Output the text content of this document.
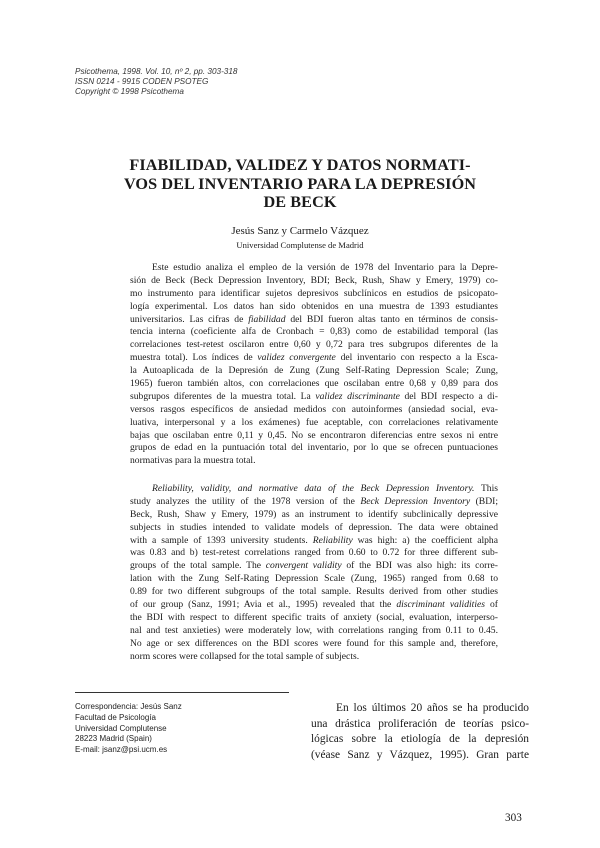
Psicothema, 1998. Vol. 10, nº 2, pp. 303-318
ISSN 0214 - 9915 CODEN PSOTEG
Copyright © 1998 Psicothema
FIABILIDAD, VALIDEZ Y DATOS NORMATI-
VOS DEL INVENTARIO PARA LA DEPRESIÓN
DE BECK
Jesús Sanz y Carmelo Vázquez
Universidad Complutense de Madrid
Este estudio analiza el empleo de la versión de 1978 del Inventario para la Depre-
sión de Beck (Beck Depression Inventory, BDI; Beck, Rush, Shaw y Emery, 1979) co-
mo instrumento para identificar sujetos depresivos subclínicos en estudios de psicopato-
logía experimental. Los datos han sido obtenidos en una muestra de 1393 estudiantes
universitarios. Las cifras de fiabilidad del BDI fueron altas tanto en términos de consis-
tencia interna (coeficiente alfa de Cronbach = 0,83) como de estabilidad temporal (las
correlaciones test-retest oscilaron entre 0,60 y 0,72 para tres subgrupos diferentes de la
muestra total). Los índices de validez convergente del inventario con respecto a la Esca-
la Autoaplicada de la Depresión de Zung (Zung Self-Rating Depression Scale; Zung,
1965) fueron también altos, con correlaciones que oscilaban entre 0,68 y 0,89 para dos
subgrupos diferentes de la muestra total. La validez discriminante del BDI respecto a di-
versos rasgos específicos de ansiedad medidos con autoinformes (ansiedad social, eva-
luativa, interpersonal y a los exámenes) fue aceptable, con correlaciones relativamente
bajas que oscilaban entre 0,11 y 0,45. No se encontraron diferencias entre sexos ni entre
grupos de edad en la puntuación total del inventario, por lo que se ofrecen puntuaciones
normativas para la muestra total.
Reliability, validity, and normative data of the Beck Depression Inventory. This
study analyzes the utility of the 1978 version of the Beck Depression Inventory (BDI;
Beck, Rush, Shaw y Emery, 1979) as an instrument to identify subclinically depressive
subjects in studies intended to validate models of depression. The data were obtained
with a sample of 1393 university students. Reliability was high: a) the coefficient alpha
was 0.83 and b) test-retest correlations ranged from 0.60 to 0.72 for three different sub-
groups of the total sample. The convergent validity of the BDI was also high: its corre-
lation with the Zung Self-Rating Depression Scale (Zung, 1965) ranged from 0.68 to
0.89 for two different subgroups of the total sample. Results derived from other studies
of our group (Sanz, 1991; Avia et al., 1995) revealed that the discriminant validities of
the BDI with respect to different specific traits of anxiety (social, evaluation, interperso-
nal and test anxieties) were moderately low, with correlations ranging from 0.11 to 0.45.
No age or sex differences on the BDI scores were found for this sample and, therefore,
norm scores were collapsed for the total sample of subjects.
Correspondencia: Jesús Sanz
Facultad de Psicología
Universidad Complutense
28223 Madrid (Spain)
E-mail: jsanz@psi.ucm.es
En los últimos 20 años se ha producido
una drástica proliferación de teorías psico-
lógicas sobre la etiología de la depresión
(véase Sanz y Vázquez, 1995). Gran parte
303
